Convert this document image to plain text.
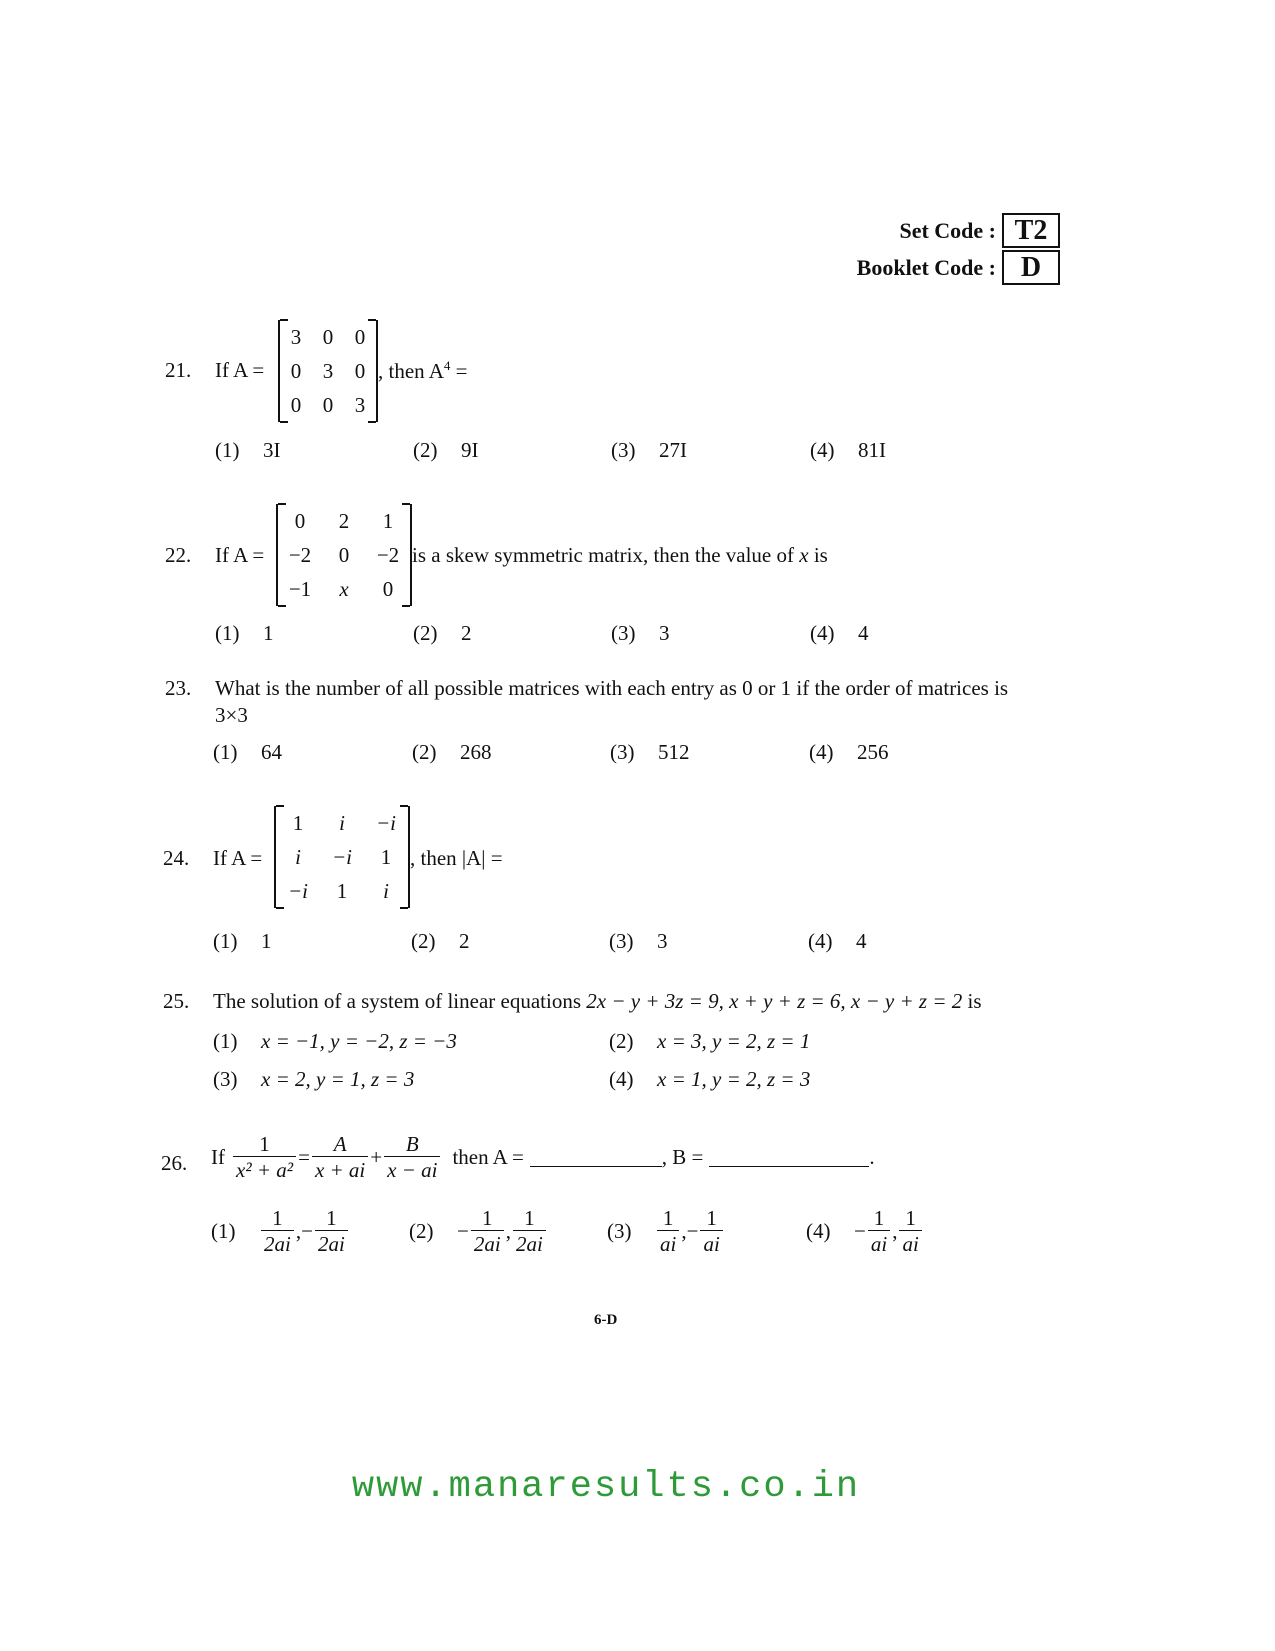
Set Code : T2
Booklet Code : D
21. If A =
3	0	0
0	3	0
0	0	3
, then $A^4$ =
(1) 3I	(2) 9I	(3) 27I	(4) 81I
22. If A =
0	2	1
−2	0	−2
−1	x	0
is a skew symmetric matrix, then the value of x is
(1) 1	(2) 2	(3) 3	(4) 4
23. What is the number of all possible matrices with each entry as 0 or 1 if the order of matrices is
3×3
(1) 64	(2) 268	(3) 512	(4) 256
24. If A =
1	i	−i
i	−i	1
−i	1	i
, then |A| =
(1) 1	(2) 2	(3) 3	(4) 4
25. The solution of a system of linear equations 2x − y + 3z = 9, x + y + z = 6, x − y + z = 2 is
(1) x = −1, y = −2, z = −3	(2) x = 3, y = 2, z = 1
(3) x = 2, y = 1, z = 3	(4) x = 1, y = 2, z = 3
26. If $\frac{1}{\text{x² + a²}} = \frac{A}{x + ai} + \frac{B}{x - ai}$ then A =	, B =	.
(1)	$\frac{1}{2ai}$ ,− $\frac{1}{2ai}$	(2)	− $\frac{1}{2ai}$ , $\frac{1}{2ai}$	(3)	$\frac{1}{ai}$ ,− $\frac{1}{ai}$	(4)	− $\frac{1}{ai}$ , $\frac{1}{ai}$
6-D
www.manaresults.co.in
